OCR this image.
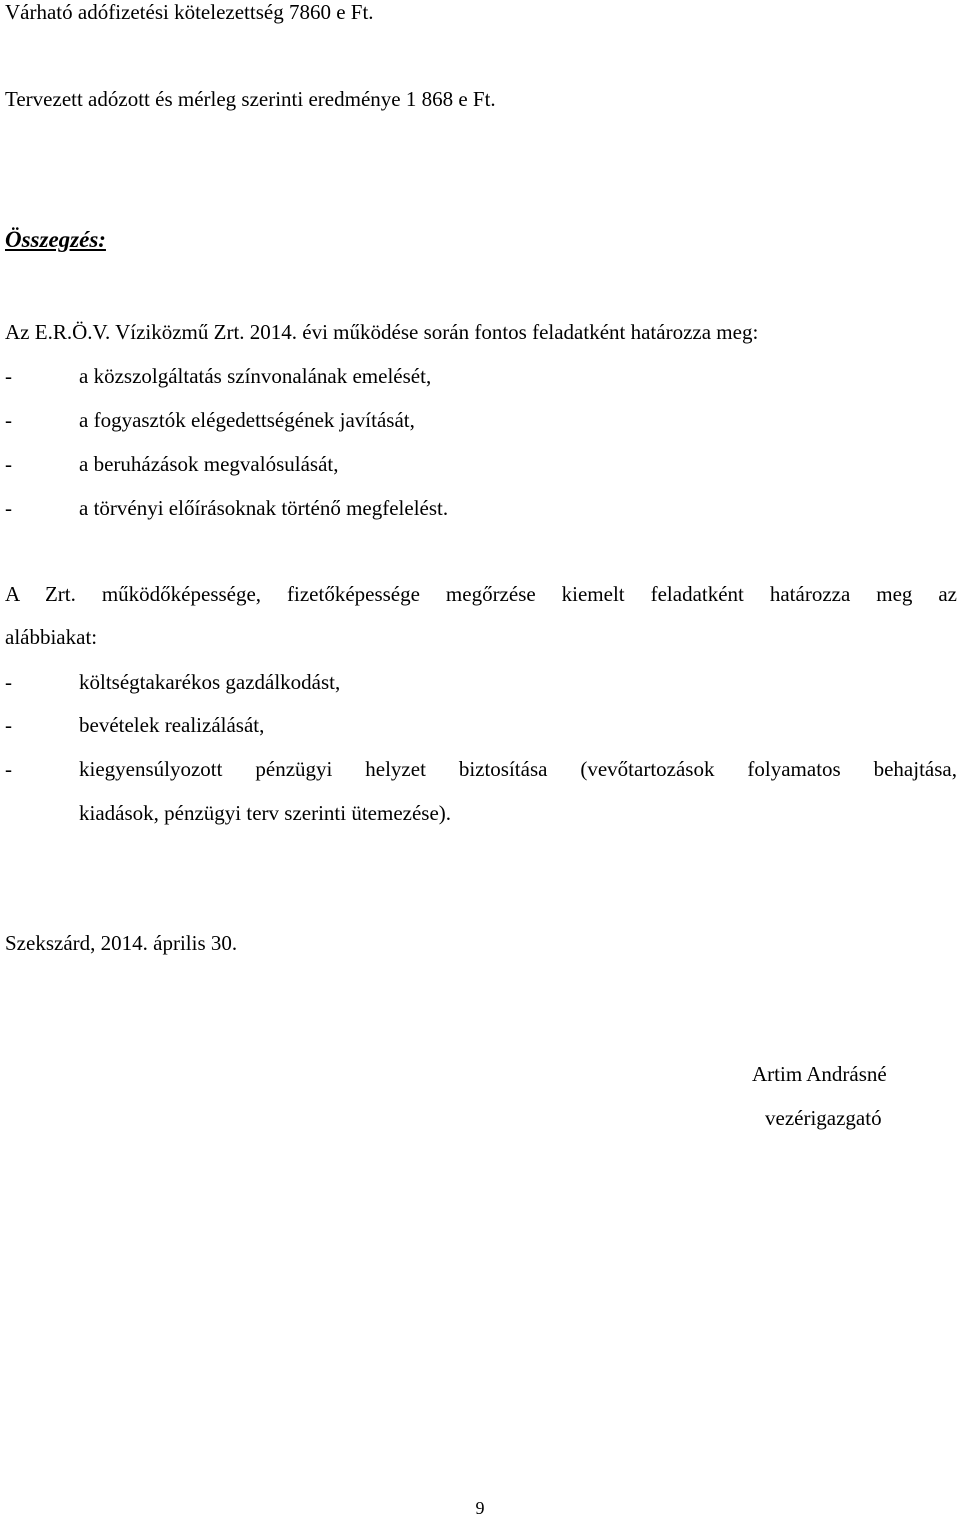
Várható adófizetési kötelezettség 7860 e Ft.
Tervezett adózott és mérleg szerinti eredménye 1 868 e Ft.
Összegzés:
Az E.R.Ö.V. Víziközmű Zrt. 2014. évi működése során fontos feladatként határozza meg:
-	a közszolgáltatás színvonalának emelését,
-	a fogyasztók elégedettségének javítását,
-	a beruházások megvalósulását,
-	a törvényi előírásoknak történő megfelelést.
A Zrt. működőképessége, fizetőképessége megőrzése kiemelt feladatként határozza meg az
alábbiakat:
-	költségtakarékos gazdálkodást,
-	bevételek realizálását,
-	kiegyensúlyozott pénzügyi helyzet biztosítása (vevőtartozások folyamatos behajtása,
kiadások, pénzügyi terv szerinti ütemezése).
Szekszárd, 2014. április 30.
Artim Andrásné
vezérigazgató
9
